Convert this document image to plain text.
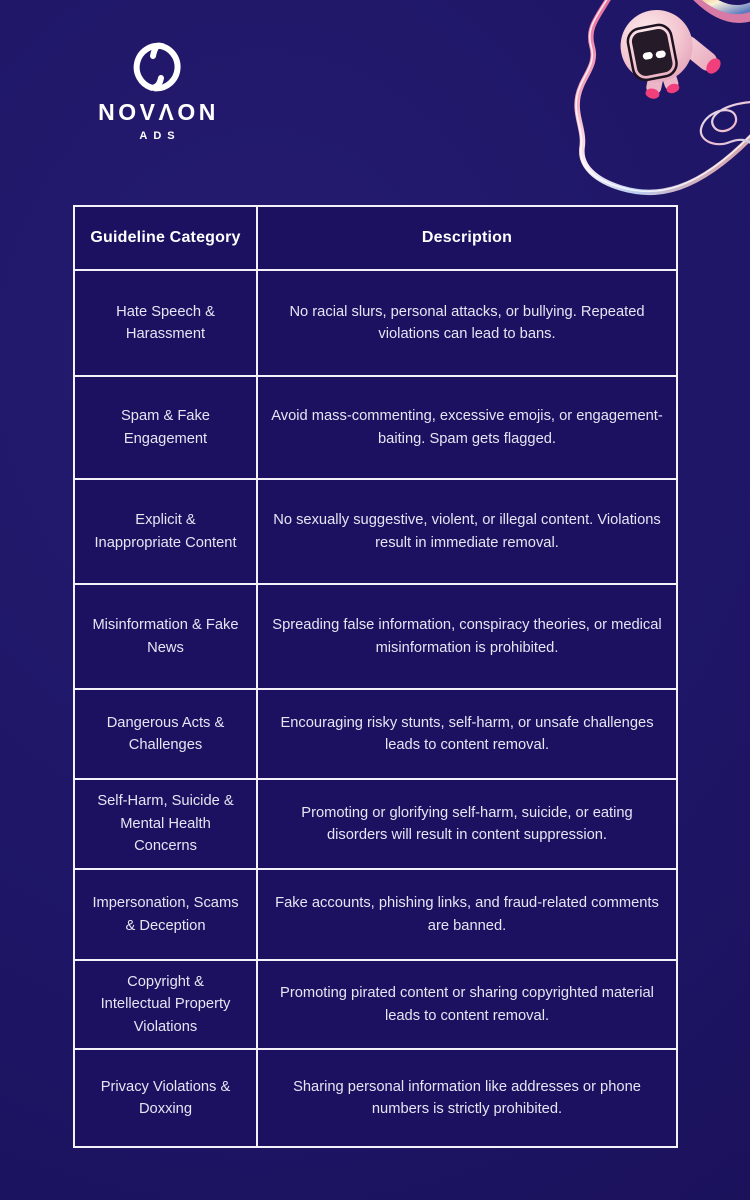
NOVΛON
ADS
Guideline Category	Description
Hate Speech & Harassment	No racial slurs, personal attacks, or bullying. Repeated violations can lead to bans.
Spam & Fake Engagement	Avoid mass-commenting, excessive emojis, or engagement-baiting. Spam gets flagged.
Explicit & Inappropriate Content	No sexually suggestive, violent, or illegal content. Violations result in immediate removal.
Misinformation & Fake News	Spreading false information, conspiracy theories, or medical misinformation is prohibited.
Dangerous Acts & Challenges	Encouraging risky stunts, self-harm, or unsafe challenges leads to content removal.
Self-Harm, Suicide & Mental Health Concerns	Promoting or glorifying self-harm, suicide, or eating disorders will result in content suppression.
Impersonation, Scams & Deception	Fake accounts, phishing links, and fraud-related comments are banned.
Copyright & Intellectual Property Violations	Promoting pirated content or sharing copyrighted material leads to content removal.
Privacy Violations & Doxxing	Sharing personal information like addresses or phone numbers is strictly prohibited.
